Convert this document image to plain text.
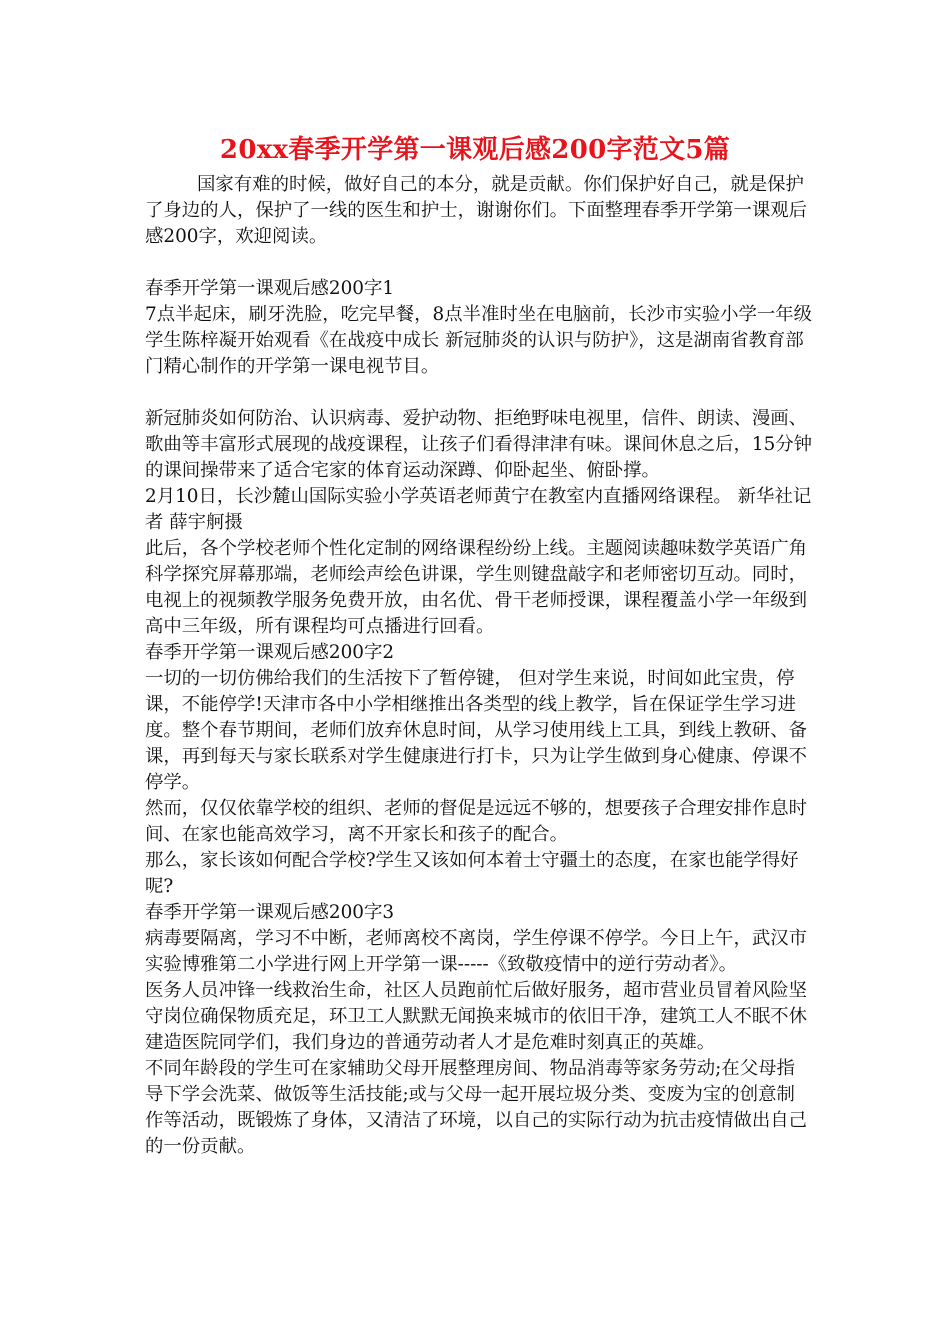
20xx春季开学第一课观后感200字范文5篇

国家有难的时候，做好自己的本分，就是贡献。你们保护好自己，就是保护了身边的人，保护了一线的医生和护士，谢谢你们。下面整理春季开学第一课观后感200字，欢迎阅读。

春季开学第一课观后感200字1

7点半起床，刷牙洗脸，吃完早餐，8点半准时坐在电脑前，长沙市实验小学一年级学生陈梓凝开始观看《在战疫中成长 新冠肺炎的认识与防护》，这是湖南省教育部门精心制作的开学第一课电视节目。

新冠肺炎如何防治、认识病毒、爱护动物、拒绝野味电视里，信件、朗读、漫画、歌曲等丰富形式展现的战疫课程，让孩子们看得津津有味。课间休息之后，15分钟的课间操带来了适合宅家的体育运动深蹲、仰卧起坐、俯卧撑。

2月10日，长沙麓山国际实验小学英语老师黄宁在教室内直播网络课程。 新华社记者 薛宇舸摄

此后，各个学校老师个性化定制的网络课程纷纷上线。主题阅读趣味数学英语广角科学探究屏幕那端，老师绘声绘色讲课，学生则键盘敲字和老师密切互动。同时，电视上的视频教学服务免费开放，由名优、骨干老师授课，课程覆盖小学一年级到高中三年级，所有课程均可点播进行回看。

春季开学第一课观后感200字2

一切的一切仿佛给我们的生活按下了暂停键， 但对学生来说，时间如此宝贵，停课，不能停学!天津市各中小学相继推出各类型的线上教学，旨在保证学生学习进度。整个春节期间，老师们放弃休息时间，从学习使用线上工具，到线上教研、备课，再到每天与家长联系对学生健康进行打卡，只为让学生做到身心健康、停课不停学。

然而，仅仅依靠学校的组织、老师的督促是远远不够的，想要孩子合理安排作息时间、在家也能高效学习，离不开家长和孩子的配合。

那么，家长该如何配合学校?学生又该如何本着士守疆土的态度，在家也能学得好呢?

春季开学第一课观后感200字3

病毒要隔离，学习不中断，老师离校不离岗，学生停课不停学。今日上午，武汉市实验博雅第二小学进行网上开学第一课-----《致敬疫情中的逆行劳动者》。

医务人员冲锋一线救治生命，社区人员跑前忙后做好服务，超市营业员冒着风险坚守岗位确保物质充足，环卫工人默默无闻换来城市的依旧干净，建筑工人不眠不休建造医院同学们，我们身边的普通劳动者人才是危难时刻真正的英雄。

不同年龄段的学生可在家辅助父母开展整理房间、物品消毒等家务劳动;在父母指导下学会洗菜、做饭等生活技能;或与父母一起开展垃圾分类、变废为宝的创意制作等活动，既锻炼了身体，又清洁了环境，以自己的实际行动为抗击疫情做出自己的一份贡献。
